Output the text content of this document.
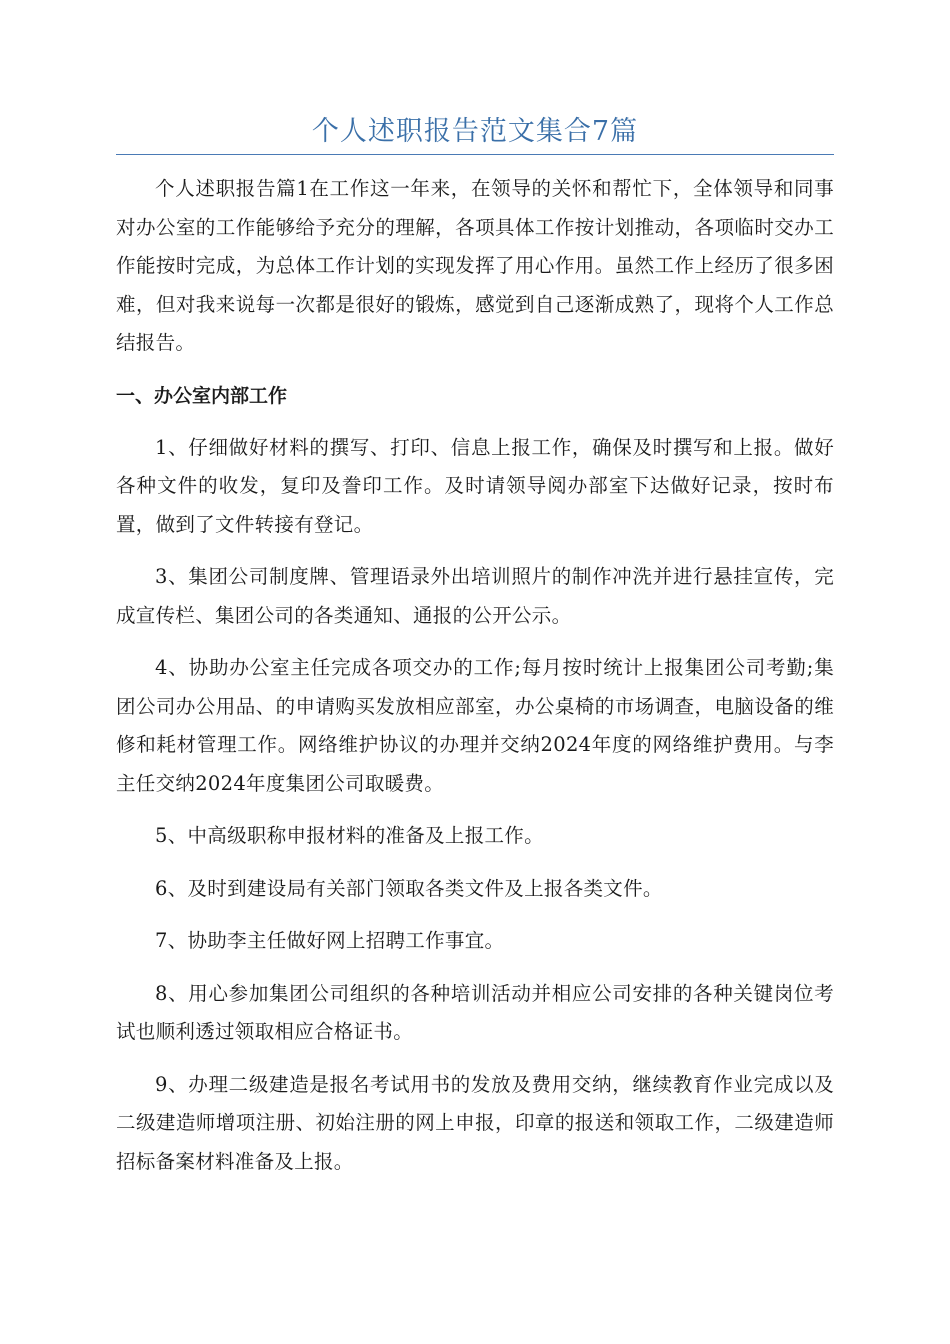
个人述职报告范文集合7篇

个人述职报告篇1在工作这一年来，在领导的关怀和帮忙下，全体领导和同事对办公室的工作能够给予充分的理解，各项具体工作按计划推动，各项临时交办工作能按时完成，为总体工作计划的实现发挥了用心作用。虽然工作上经历了很多困难，但对我来说每一次都是很好的锻炼，感觉到自己逐渐成熟了，现将个人工作总结报告。

一、办公室内部工作

1、仔细做好材料的撰写、打印、信息上报工作，确保及时撰写和上报。做好各种文件的收发，复印及誊印工作。及时请领导阅办部室下达做好记录，按时布置，做到了文件转接有登记。

3、集团公司制度牌、管理语录外出培训照片的制作冲洗并进行悬挂宣传，完成宣传栏、集团公司的各类通知、通报的公开公示。

4、协助办公室主任完成各项交办的工作;每月按时统计上报集团公司考勤;集团公司办公用品、的申请购买发放相应部室，办公桌椅的市场调查，电脑设备的维修和耗材管理工作。网络维护协议的办理并交纳2024年度的网络维护费用。与李主任交纳2024年度集团公司取暖费。

5、中高级职称申报材料的准备及上报工作。

6、及时到建设局有关部门领取各类文件及上报各类文件。

7、协助李主任做好网上招聘工作事宜。

8、用心参加集团公司组织的各种培训活动并相应公司安排的各种关键岗位考试也顺利透过领取相应合格证书。

9、办理二级建造是报名考试用书的发放及费用交纳，继续教育作业完成以及二级建造师增项注册、初始注册的网上申报，印章的报送和领取工作，二级建造师招标备案材料准备及上报。
